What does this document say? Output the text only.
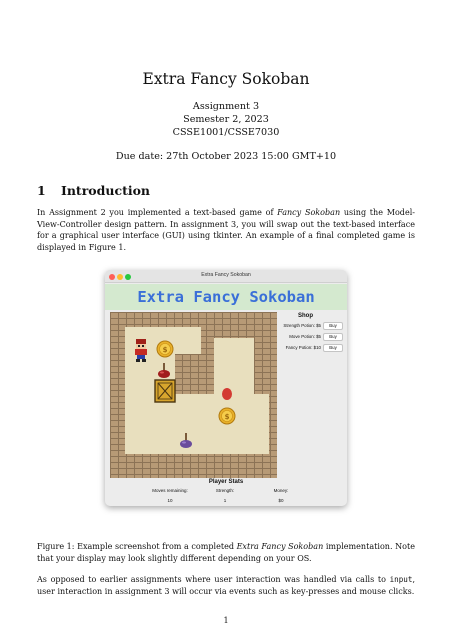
Extra Fancy Sokoban
Assignment 3
Semester 2, 2023
CSSE1001/CSSE7030
Due date: 27th October 2023 15:00 GMT+10
1 Introduction
In Assignment 2 you implemented a text-based game of Fancy Sokoban using the Model-View-Controller design pattern. In assignment 3, you will swap out the text-based interface for a graphical user interface (GUI) using tkinter. An example of a final completed game is displayed in Figure 1.
Extra Fancy Sokoban
Extra Fancy Sokoban
$
$
Shop
Strength Potion: $5	Buy
Move Potion: $5	Buy
Fancy Potion: $10	Buy
Player Stats
Moves remaining:	Strength:	Money:
10	1	$0
Figure 1: Example screenshot from a completed Extra Fancy Sokoban implementation. Note that your display may look slightly different depending on your OS.
As opposed to earlier assignments where user interaction was handled via calls to input, user interaction in assignment 3 will occur via events such as key-presses and mouse clicks.
1
